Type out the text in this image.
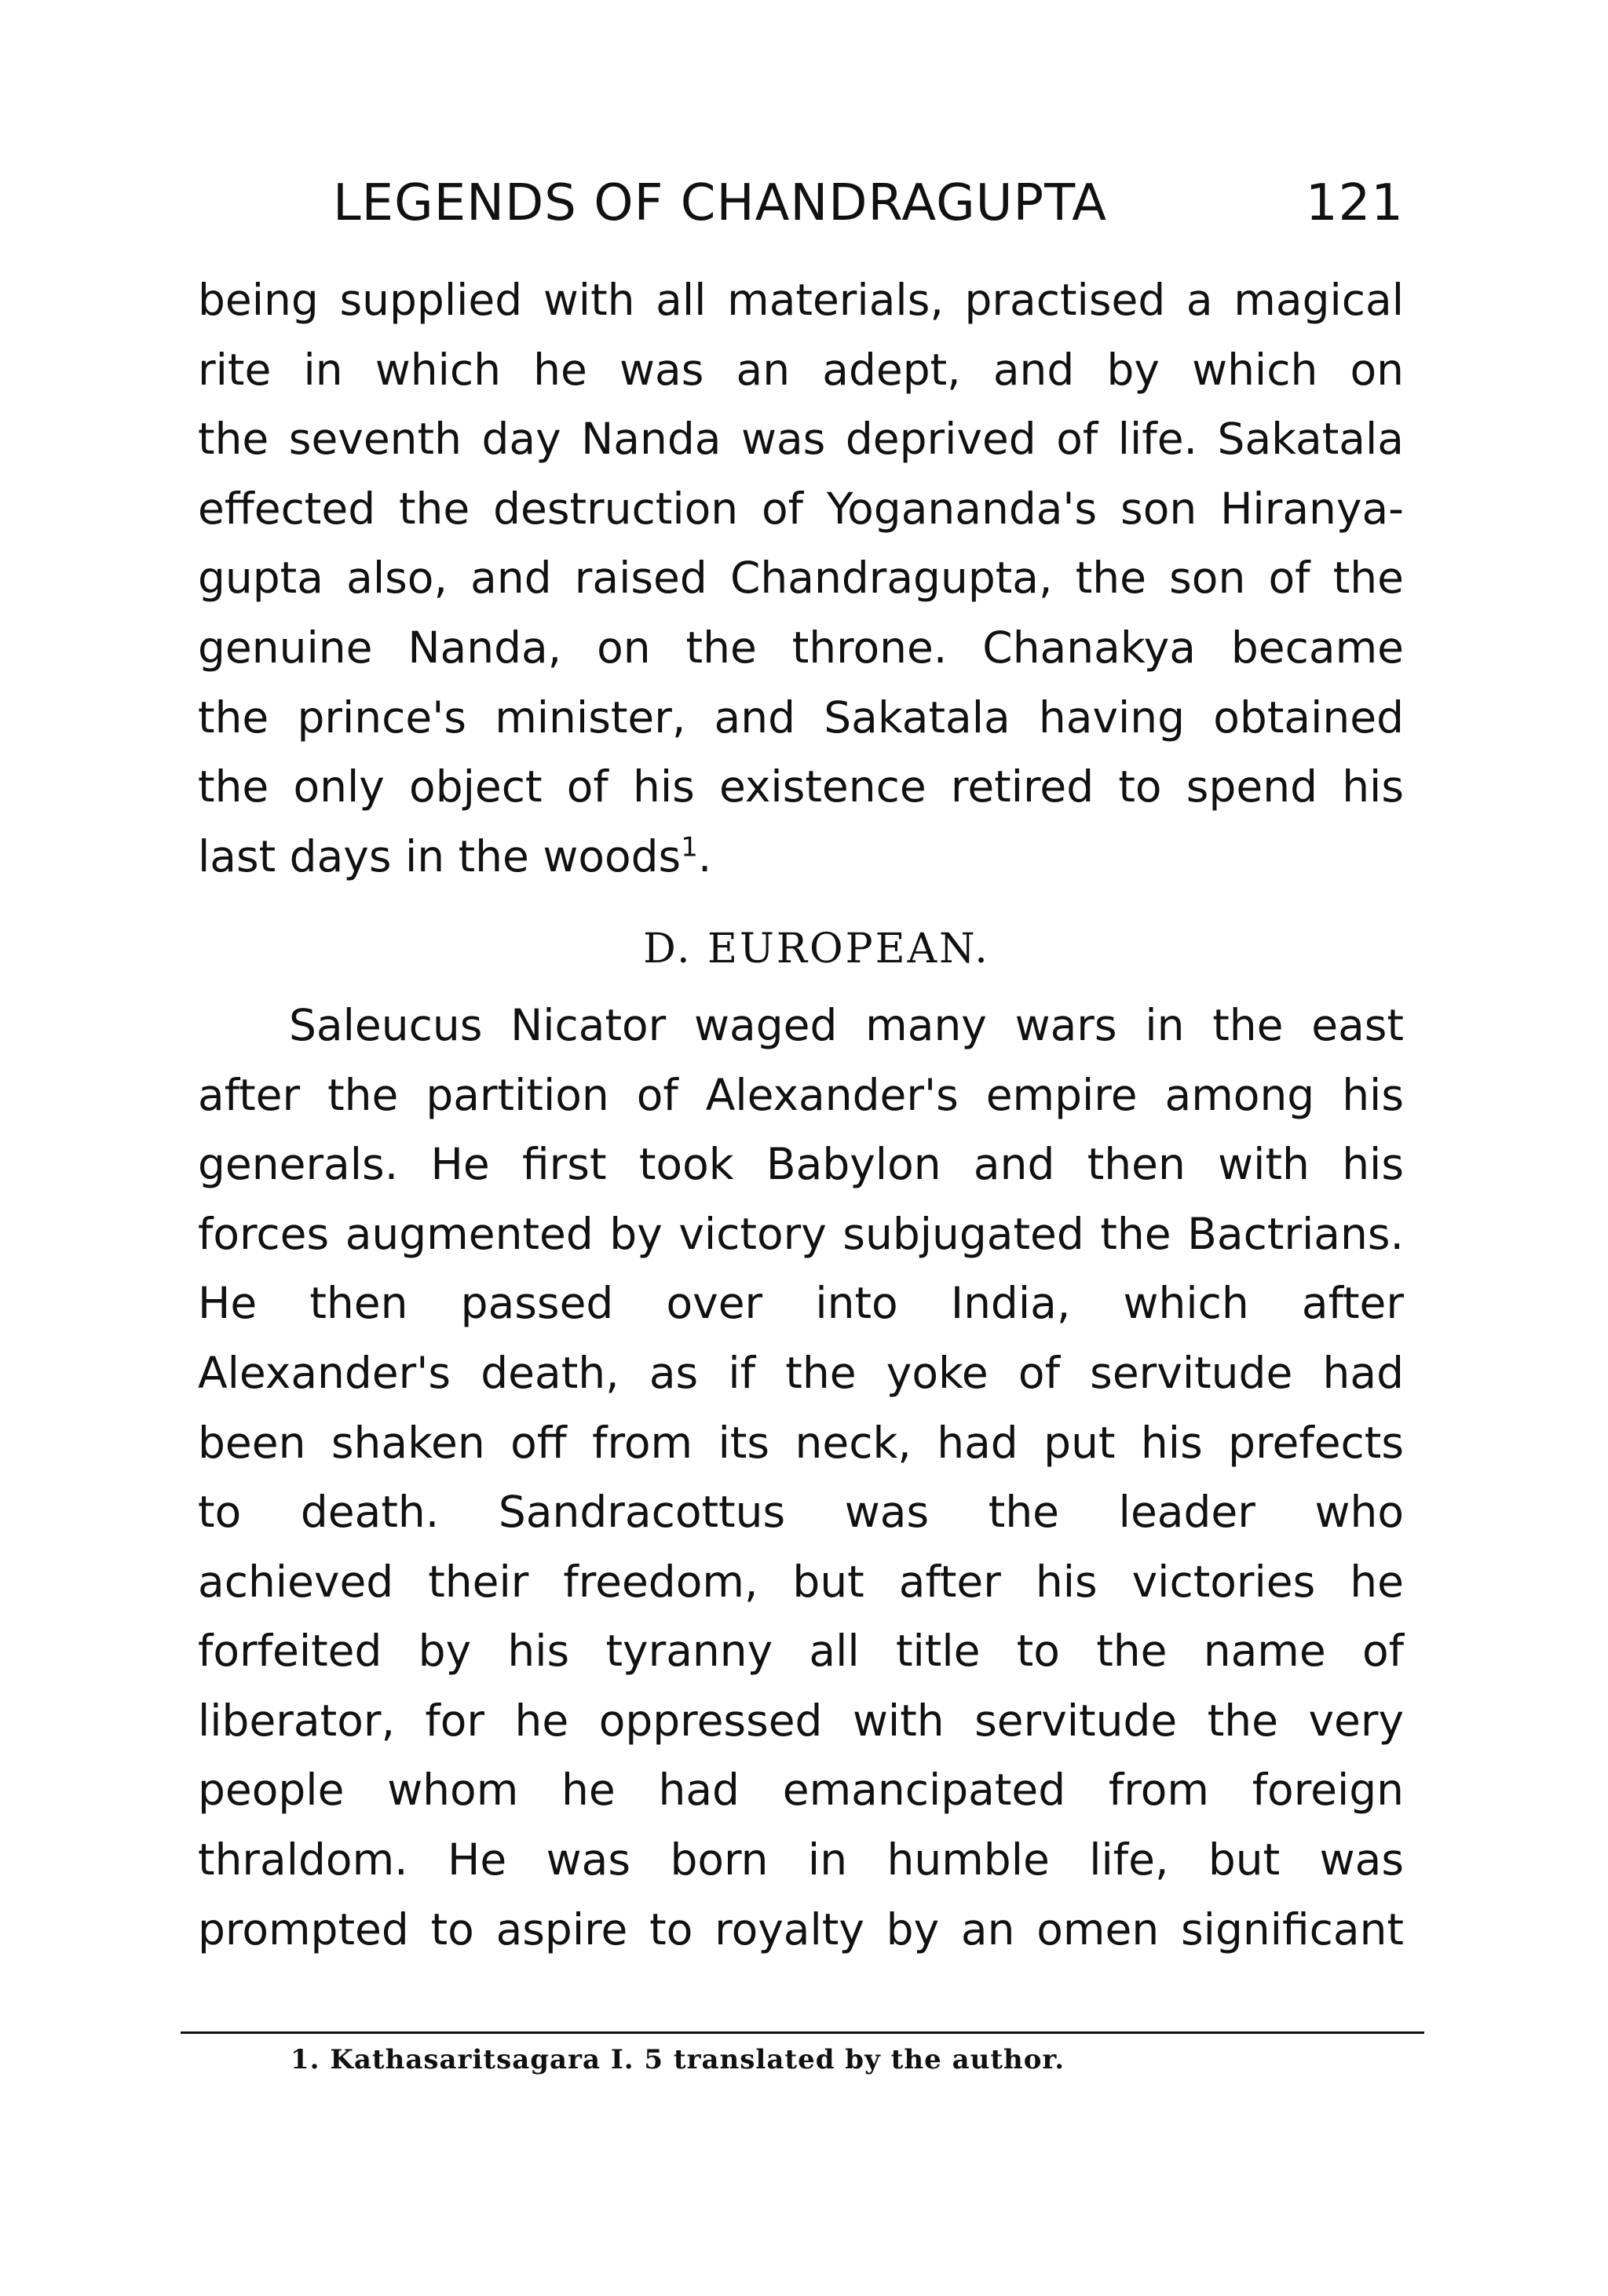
LEGENDS OF CHANDRAGUPTA	121
being supplied with all materials, practised a magical
rite in which he was an adept, and by which on
the seventh day Nanda was deprived of life. Sakatala
effected the destruction of Yogananda's son Hiranya-
gupta also, and raised Chandragupta, the son of the
genuine Nanda, on the throne. Chanakya became
the prince's minister, and Sakatala having obtained
the only object of his existence retired to spend his
last days in the woods$^1$.
D. EUROPEAN.
Saleucus Nicator waged many wars in the east
after the partition of Alexander's empire among his
generals. He first took Babylon and then with his
forces augmented by victory subjugated the Bactrians.
He then passed over into India, which after
Alexander's death, as if the yoke of servitude had
been shaken off from its neck, had put his prefects
to death. Sandracottus was the leader who
achieved their freedom, but after his victories he
forfeited by his tyranny all title to the name of
liberator, for he oppressed with servitude the very
people whom he had emancipated from foreign
thraldom. He was born in humble life, but was
prompted to aspire to royalty by an omen significant
1. Kathasaritsagara I. 5 translated by the author.
